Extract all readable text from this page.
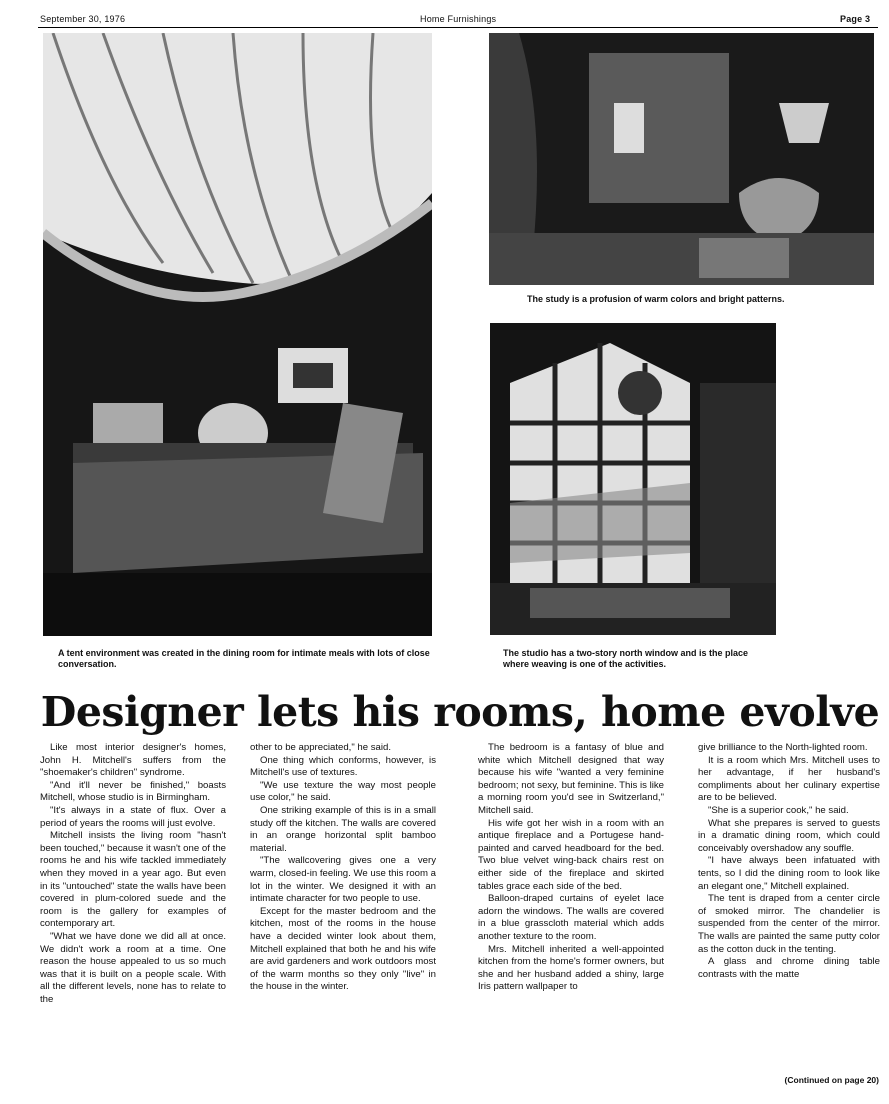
September 30, 1976	Home Furnishings	Page 3
A tent environment was created in the dining room for intimate meals with lots of close conversation.
The study is a profusion of warm colors and bright patterns.
The studio has a two-story north window and is the place where weaving is one of the activities.
Designer lets his rooms, home evolve

Like most interior designer's homes, John H. Mitchell's suffers from the "shoemaker's children" syndrome.

"And it'll never be finished," boasts Mitchell, whose studio is in Birmingham.

"It's always in a state of flux. Over a period of years the rooms will just evolve.

Mitchell insists the living room "hasn't been touched," because it wasn't one of the rooms he and his wife tackled immediately when they moved in a year ago. But even in its "untouched" state the walls have been covered in plum-colored suede and the room is the gallery for examples of contemporary art.

"What we have done we did all at once. We didn't work a room at a time. One reason the house appealed to us so much was that it is built on a people scale. With all the different levels, none has to relate to the

other to be appreciated," he said.

One thing which conforms, however, is Mitchell's use of textures.

"We use texture the way most people use color," he said.

One striking example of this is in a small study off the kitchen. The walls are covered in an orange horizontal split bamboo material.

"The wallcovering gives one a very warm, closed-in feeling. We use this room a lot in the winter. We designed it with an intimate character for two people to use.

Except for the master bedroom and the kitchen, most of the rooms in the house have a decided winter look about them, Mitchell explained that both he and his wife are avid gardeners and work outdoors most of the warm months so they only "live" in the house in the winter.

The bedroom is a fantasy of blue and white which Mitchell designed that way because his wife "wanted a very feminine bedroom; not sexy, but feminine. This is like a morning room you'd see in Switzerland," Mitchell said.

His wife got her wish in a room with an antique fireplace and a Portugese hand-painted and carved headboard for the bed. Two blue velvet wing-back chairs rest on either side of the fireplace and skirted tables grace each side of the bed.

Balloon-draped curtains of eyelet lace adorn the windows. The walls are covered in a blue grasscloth material which adds another texture to the room.

Mrs. Mitchell inherited a well-appointed kitchen from the home's former owners, but she and her husband added a shiny, large Iris pattern wallpaper to

give brilliance to the North-lighted room.

It is a room which Mrs. Mitchell uses to her advantage, if her husband's compliments about her culinary expertise are to be believed.

"She is a superior cook," he said.

What she prepares is served to guests in a dramatic dining room, which could conceivably overshadow any souffle.

"I have always been infatuated with tents, so I did the dining room to look like an elegant one," Mitchell explained.

The tent is draped from a center circle of smoked mirror. The chandelier is suspended from the center of the mirror. The walls are painted the same putty color as the cotton duck in the tenting.

A glass and chrome dining table contrasts with the matte

(Continued on page 20)
